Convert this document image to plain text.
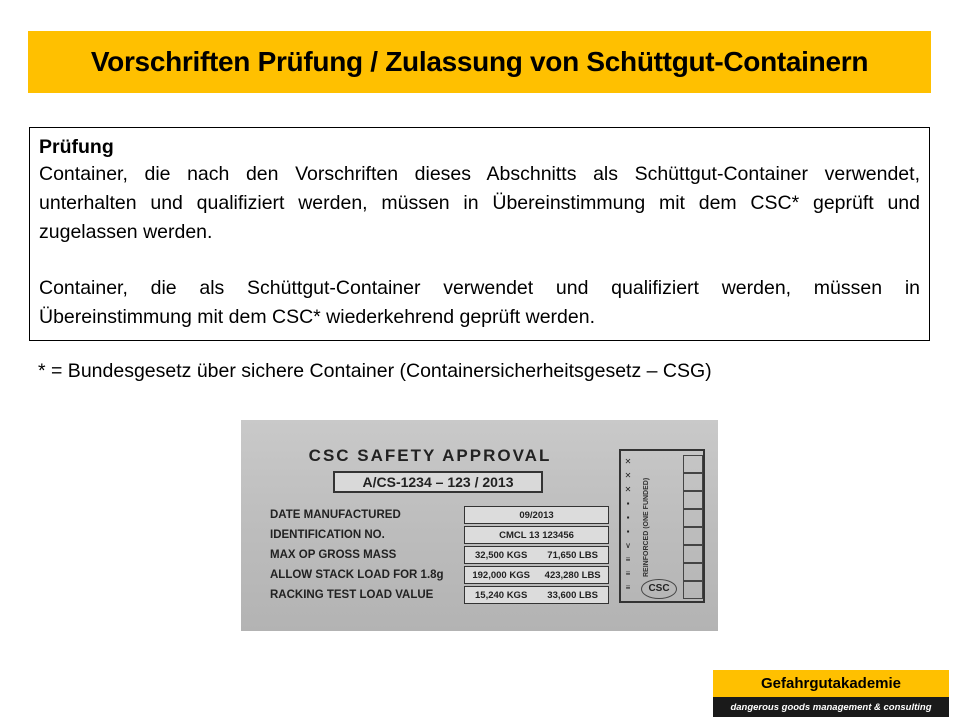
Vorschriften Prüfung / Zulassung von Schüttgut-Containern
Prüfung

Container, die nach den Vorschriften dieses Abschnitts als Schüttgut-Container verwendet, unterhalten und qualifiziert werden, müssen in Übereinstimmung mit dem CSC* geprüft und zugelassen werden.

Container, die als Schüttgut-Container verwendet und qualifiziert werden, müssen in Übereinstimmung mit dem CSC* wiederkehrend geprüft werden.

* = Bundesgesetz über sichere Container (Containersicherheitsgesetz – CSG)
CSC SAFETY APPROVAL
A/CS-1234 – 123 / 2013
DATE MANUFACTURED	09/2013
IDENTIFICATION NO.	CMCL 13 123456
MAX OP GROSS MASS	32,500 KGS 71,650 LBS
ALLOW STACK LOAD FOR 1.8g	192,000 KGS 423,280 LBS
RACKING TEST LOAD VALUE	15,240 KGS 33,600 LBS
✕
✕
✕
▪
▪
▪
∨
≡
≡
≡
REINFORCED (ONE FUNDED)
CSC
Gefahrgutakademie
dangerous goods management & consulting
